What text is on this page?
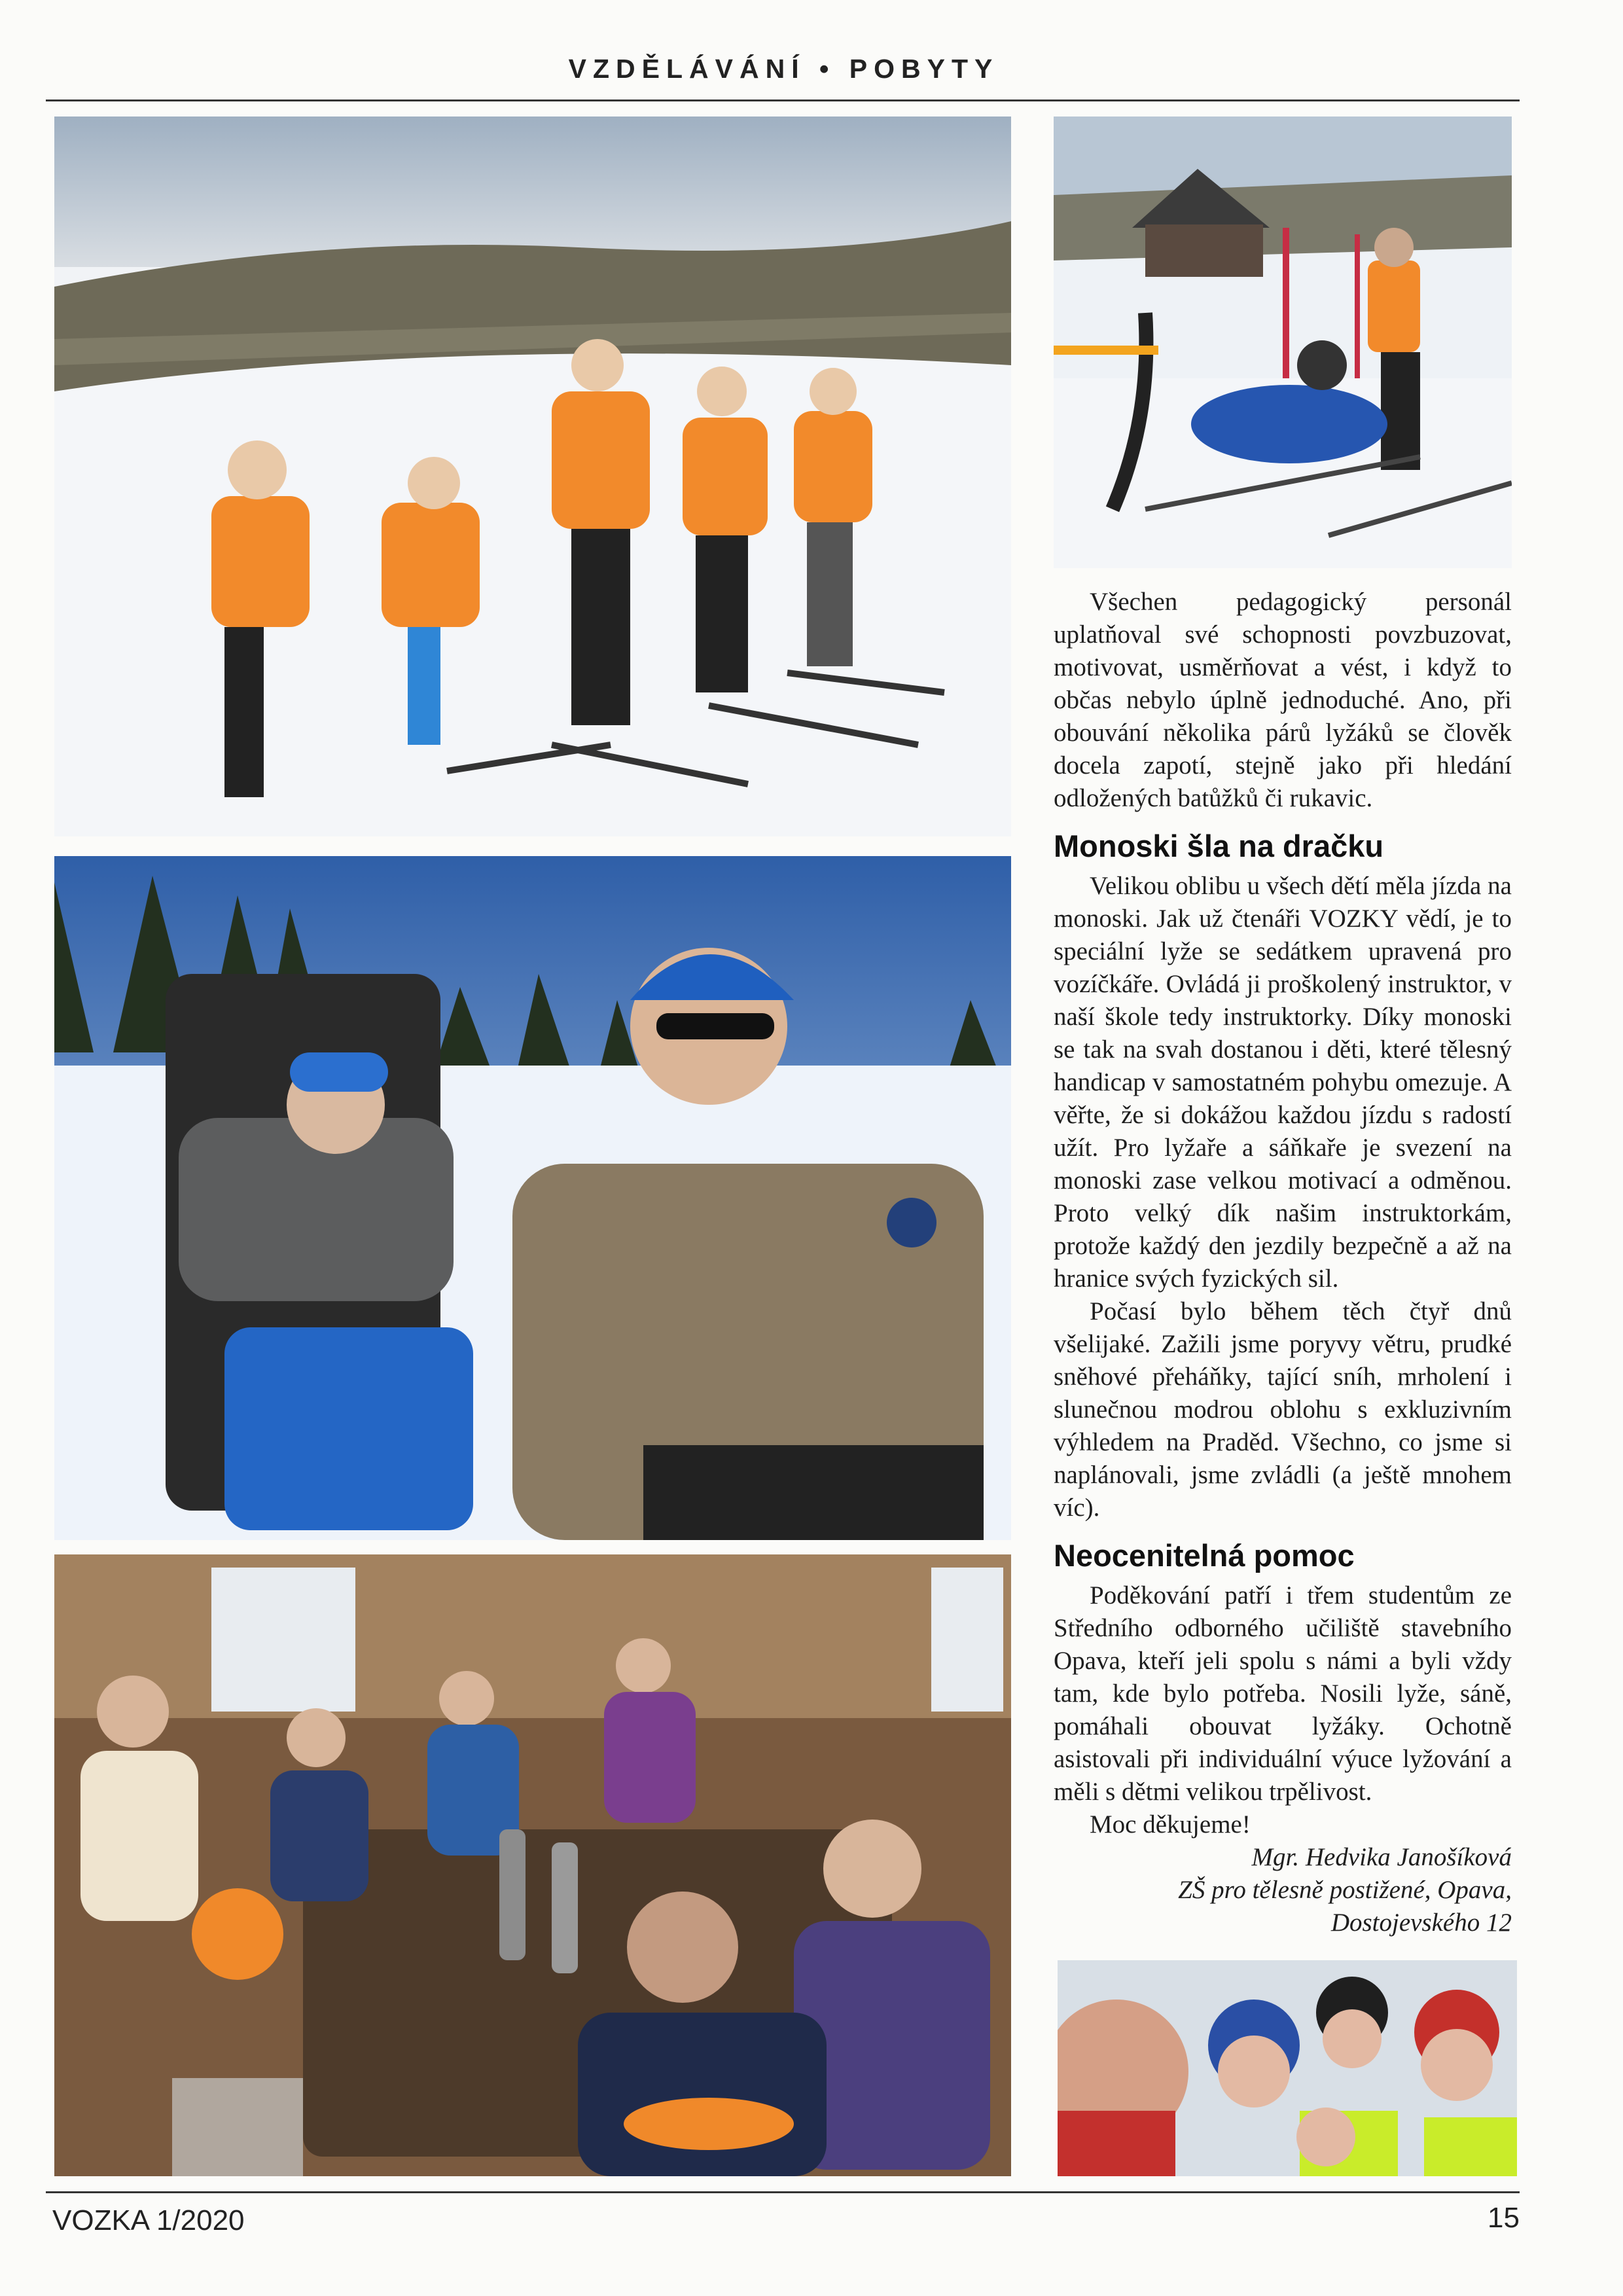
VZDĚLÁVÁNÍ • POBYTY

Všechen pedagogický personál uplatňoval své schopnosti povzbuzovat, motivovat, usměrňovat a vést, i když to občas nebylo úplně jednoduché. Ano, při obouvání několika párů lyžáků se člověk docela zapotí, stejně jako při hledání odložených batůžků či rukavic.

Monoski šla na dračku

Velikou oblibu u všech dětí měla jízda na monoski. Jak už čtenáři VOZKY vědí, je to speciální lyže se sedátkem upravená pro vozíčkáře. Ovládá ji proškolený instruktor, v naší škole tedy instruktorky. Díky monoski se tak na svah dostanou i děti, které tělesný handicap v samostatném pohybu omezuje. A věřte, že si dokážou každou jízdu s radostí užít. Pro lyžaře a sáňkaře je svezení na monoski zase velkou motivací a odměnou. Proto velký dík našim instruktorkám, protože každý den jezdily bezpečně a až na hranice svých fyzických sil.

Počasí bylo během těch čtyř dnů všelijaké. Zažili jsme poryvy větru, prudké sněhové přeháňky, tající sníh, mrholení i slunečnou modrou oblohu s exkluzivním výhledem na Praděd. Všechno, co jsme si naplánovali, jsme zvládli (a ještě mnohem víc).

Neocenitelná pomoc

Poděkování patří i třem studentům ze Středního odborného učiliště stavebního Opava, kteří jeli spolu s námi a byli vždy tam, kde bylo potřeba. Nosili lyže, sáně, pomáhali obouvat lyžáky. Ochotně asistovali při individuální výuce lyžování a měli s dětmi velikou trpělivost.

Moc děkujeme!

Mgr. Hedvika Janošíková

ZŠ pro tělesně postižené, Opava,

Dostojevského 12

VOZKA 1/2020	15
